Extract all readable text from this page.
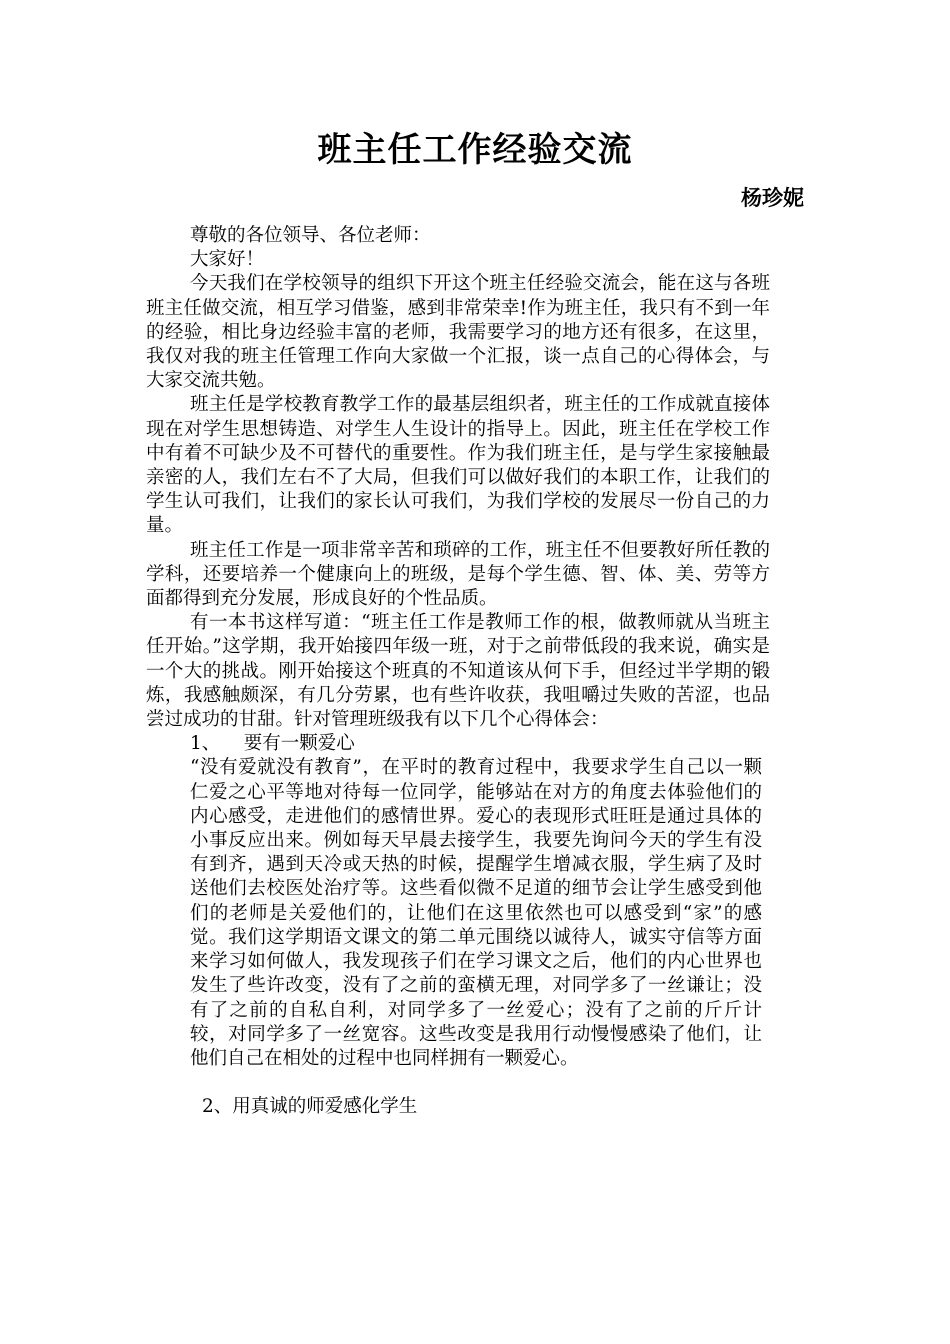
班主任工作经验交流
杨珍妮

尊敬的各位领导、各位老师：

大家好！

今天我们在学校领导的组织下开这个班主任经验交流会，能在这与各班班主任做交流，相互学习借鉴，感到非常荣幸!作为班主任，我只有不到一年的经验，相比身边经验丰富的老师，我需要学习的地方还有很多，在这里，我仅对我的班主任管理工作向大家做一个汇报，谈一点自己的心得体会，与大家交流共勉。

班主任是学校教育教学工作的最基层组织者，班主任的工作成就直接体现在对学生思想铸造、对学生人生设计的指导上。因此，班主任在学校工作中有着不可缺少及不可替代的重要性。作为我们班主任，是与学生家接触最亲密的人，我们左右不了大局，但我们可以做好我们的本职工作，让我们的学生认可我们，让我们的家长认可我们，为我们学校的发展尽一份自己的力量。

班主任工作是一项非常辛苦和琐碎的工作，班主任不但要教好所任教的学科，还要培养一个健康向上的班级，是每个学生德、智、体、美、劳等方面都得到充分发展，形成良好的个性品质。

有一本书这样写道：“班主任工作是教师工作的根，做教师就从当班主任开始。”这学期，我开始接四年级一班，对于之前带低段的我来说，确实是一个大的挑战。刚开始接这个班真的不知道该从何下手，但经过半学期的锻炼，我感触颇深，有几分劳累，也有些许收获，我咀嚼过失败的苦涩，也品尝过成功的甘甜。针对管理班级我有以下几个心得体会：

1、    要有一颗爱心

“没有爱就没有教育”，在平时的教育过程中，我要求学生自己以一颗仁爱之心平等地对待每一位同学，能够站在对方的角度去体验他们的内心感受，走进他们的感情世界。爱心的表现形式旺旺是通过具体的小事反应出来。例如每天早晨去接学生，我要先询问今天的学生有没有到齐，遇到天冷或天热的时候，提醒学生增减衣服，学生病了及时送他们去校医处治疗等。这些看似微不足道的细节会让学生感受到他们的老师是关爱他们的，让他们在这里依然也可以感受到“家”的感觉。我们这学期语文课文的第二单元围绕以诚待人，诚实守信等方面来学习如何做人，我发现孩子们在学习课文之后，他们的内心世界也发生了些许改变，没有了之前的蛮横无理，对同学多了一丝谦让；没有了之前的自私自利，对同学多了一丝爱心；没有了之前的斤斤计较，对同学多了一丝宽容。这些改变是我用行动慢慢感染了他们，让他们自己在相处的过程中也同样拥有一颗爱心。

2、用真诚的师爱感化学生
